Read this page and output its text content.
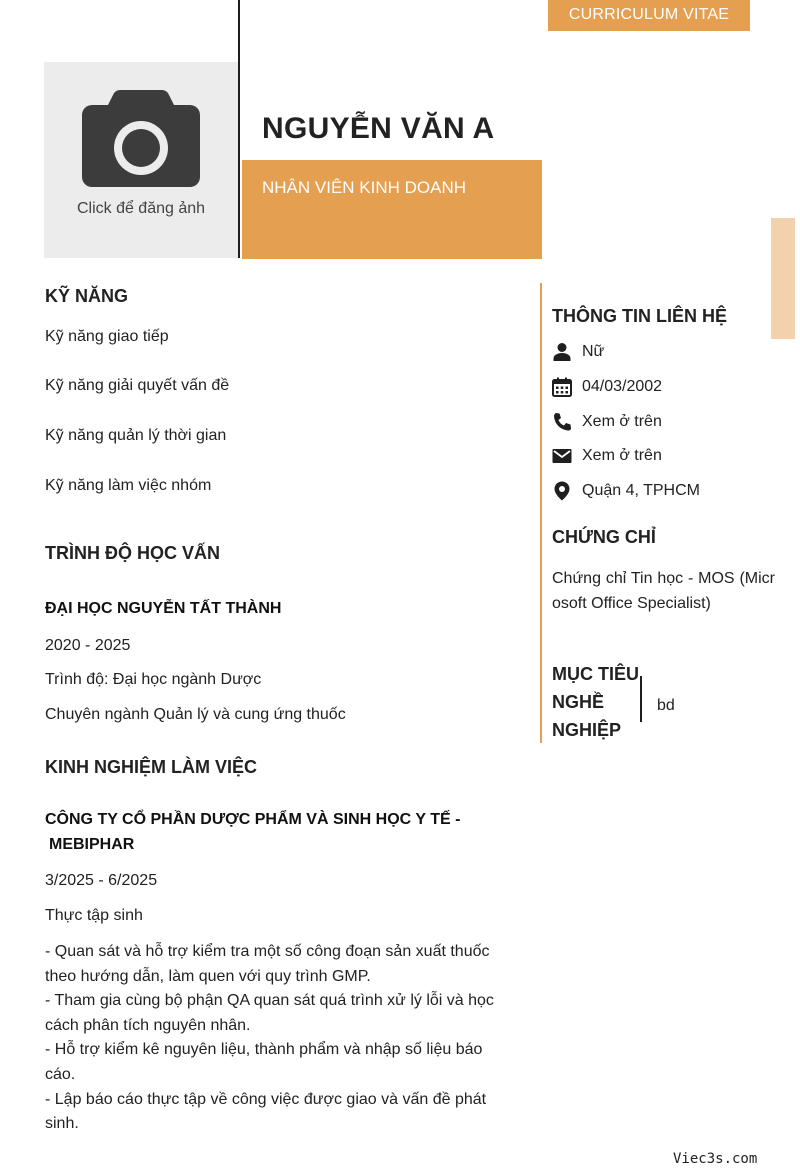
CURRICULUM VITAE
Click để đăng ảnh
NGUYỄN VĂN A
NHÂN VIÊN KINH DOANH
KỸ NĂNG
Kỹ năng giao tiếp
Kỹ năng giải quyết vấn đề
Kỹ năng quản lý thời gian
Kỹ năng làm việc nhóm
TRÌNH ĐỘ HỌC VẤN
ĐẠI HỌC NGUYỄN TẤT THÀNH
2020 - 2025
Trình độ: Đại học ngành Dược
Chuyên ngành Quản lý và cung ứng thuốc
KINH NGHIỆM LÀM VIỆC
CÔNG TY CỔ PHẦN DƯỢC PHẨM VÀ SINH HỌC Y TẾ -
MEBIPHAR
3/2025 - 6/2025
Thực tập sinh
- Quan sát và hỗ trợ kiểm tra một số công đoạn sản xuất thuốc theo hướng dẫn, làm quen với quy trình GMP.
- Tham gia cùng bộ phận QA quan sát quá trình xử lý lỗi và học cách phân tích nguyên nhân.
- Hỗ trợ kiểm kê nguyên liệu, thành phẩm và nhập số liệu báo cáo.
- Lập báo cáo thực tập về công việc được giao và vấn đề phát sinh.
THÔNG TIN LIÊN HỆ
Nữ
04/03/2002
Xem ở trên
Xem ở trên
Quận 4, TPHCM
CHỨNG CHỈ
Chứng chỉ Tin học - MOS (Microsoft Office Specialist)
MỤC TIÊU
NGHỀ
NGHIỆP
bd
Viec3s.com
